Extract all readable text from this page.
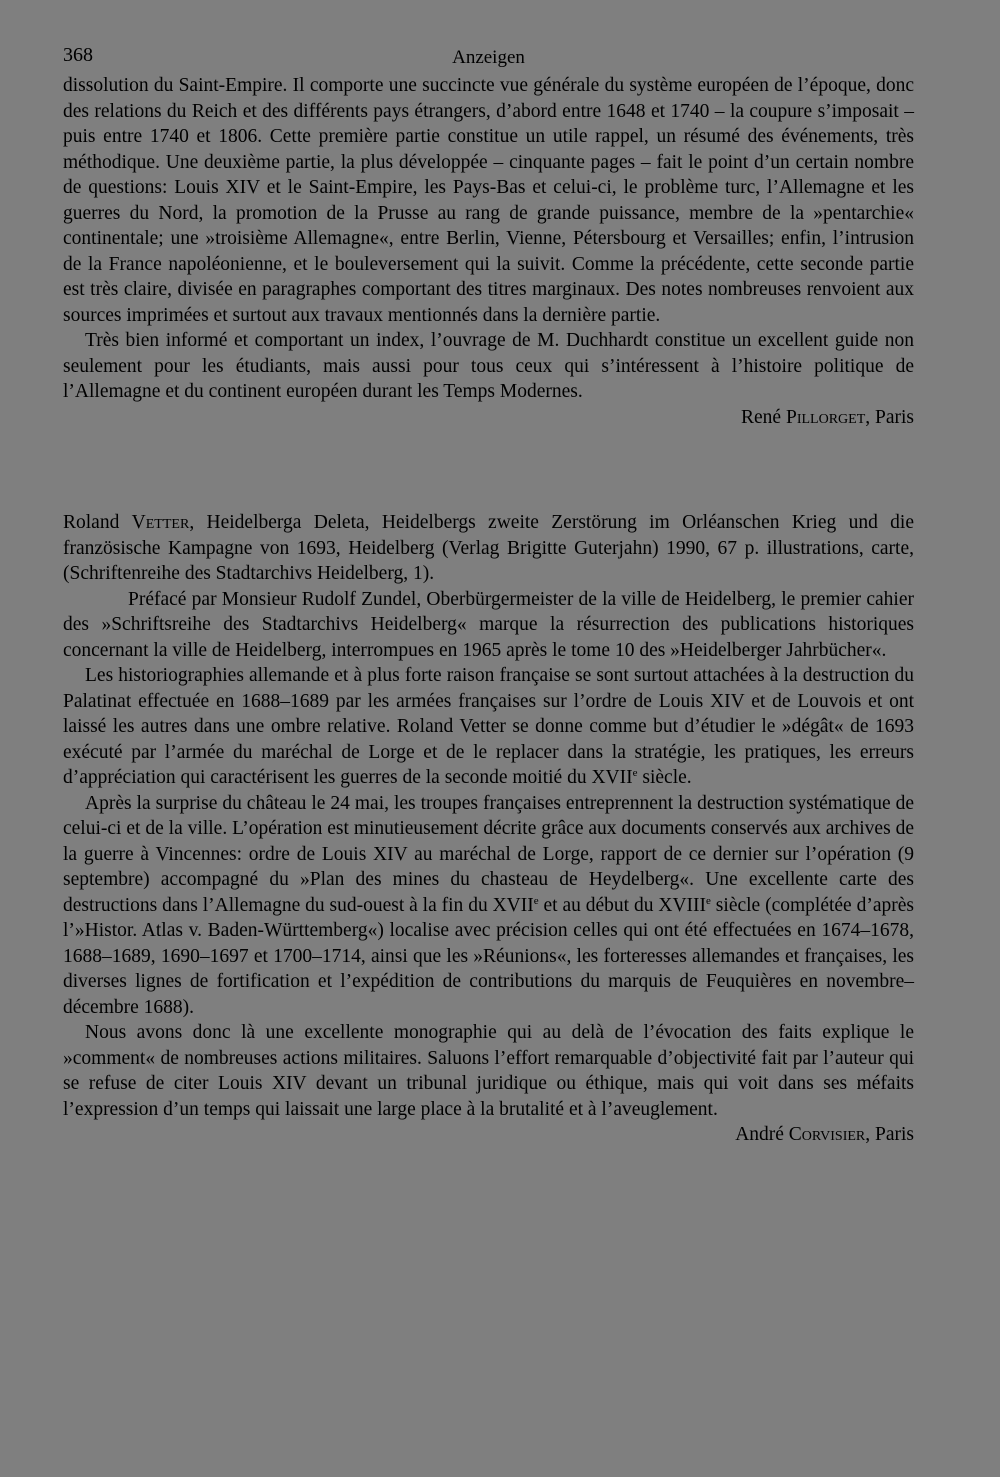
368	Anzeigen

dissolution du Saint-Empire. Il comporte une succincte vue générale du système européen de l’époque, donc des relations du Reich et des différents pays étrangers, d’abord entre 1648 et 1740 – la coupure s’imposait – puis entre 1740 et 1806. Cette première partie constitue un utile rappel, un résumé des événements, très méthodique. Une deuxième partie, la plus développée – cinquante pages – fait le point d’un certain nombre de questions: Louis XIV et le Saint-Empire, les Pays-Bas et celui-ci, le problème turc, l’Allemagne et les guerres du Nord, la promotion de la Prusse au rang de grande puissance, membre de la »pentarchie« continentale; une »troisième Allemagne«, entre Berlin, Vienne, Pétersbourg et Versailles; enfin, l’intrusion de la France napoléonienne, et le bouleversement qui la suivit. Comme la précédente, cette seconde partie est très claire, divisée en paragraphes comportant des titres marginaux. Des notes nombreuses renvoient aux sources imprimées et surtout aux travaux mentionnés dans la dernière partie.

Très bien informé et comportant un index, l’ouvrage de M. Duchhardt constitue un excellent guide non seulement pour les étudiants, mais aussi pour tous ceux qui s’intéressent à l’histoire politique de l’Allemagne et du continent européen durant les Temps Modernes.

René Pillorget, Paris

Roland Vetter, Heidelberga Deleta, Heidelbergs zweite Zerstörung im Orléanschen Krieg und die französische Kampagne von 1693, Heidelberg (Verlag Brigitte Guterjahn) 1990, 67 p. illustrations, carte, (Schriftenreihe des Stadtarchivs Heidelberg, 1).

Préfacé par Monsieur Rudolf Zundel, Oberbürgermeister de la ville de Heidelberg, le premier cahier des »Schriftsreihe des Stadtarchivs Heidelberg« marque la résurrection des publications historiques concernant la ville de Heidelberg, interrompues en 1965 après le tome 10 des »Heidelberger Jahrbücher«.

Les historiographies allemande et à plus forte raison française se sont surtout attachées à la destruction du Palatinat effectuée en 1688–1689 par les armées françaises sur l’ordre de Louis XIV et de Louvois et ont laissé les autres dans une ombre relative. Roland Vetter se donne comme but d’étudier le »dégât« de 1693 exécuté par l’armée du maréchal de Lorge et de le replacer dans la stratégie, les pratiques, les erreurs d’appréciation qui caractérisent les guerres de la seconde moitié du XVIIe siècle.

Après la surprise du château le 24 mai, les troupes françaises entreprennent la destruction systématique de celui-ci et de la ville. L’opération est minutieusement décrite grâce aux documents conservés aux archives de la guerre à Vincennes: ordre de Louis XIV au maréchal de Lorge, rapport de ce dernier sur l’opération (9 septembre) accompagné du »Plan des mines du chasteau de Heydelberg«. Une excellente carte des destructions dans l’Allemagne du sud-ouest à la fin du XVIIe et au début du XVIIIe siècle (complétée d’après l’»Histor. Atlas v. Baden-Württemberg«) localise avec précision celles qui ont été effectuées en 1674–1678, 1688–1689, 1690–1697 et 1700–1714, ainsi que les »Réunions«, les forteresses allemandes et françaises, les diverses lignes de fortification et l’expédition de contributions du marquis de Feuquières en novembre–décembre 1688).

Nous avons donc là une excellente monographie qui au delà de l’évocation des faits explique le »comment« de nombreuses actions militaires. Saluons l’effort remarquable d’objectivité fait par l’auteur qui se refuse de citer Louis XIV devant un tribunal juridique ou éthique, mais qui voit dans ses méfaits l’expression d’un temps qui laissait une large place à la brutalité et à l’aveuglement.

André Corvisier, Paris
